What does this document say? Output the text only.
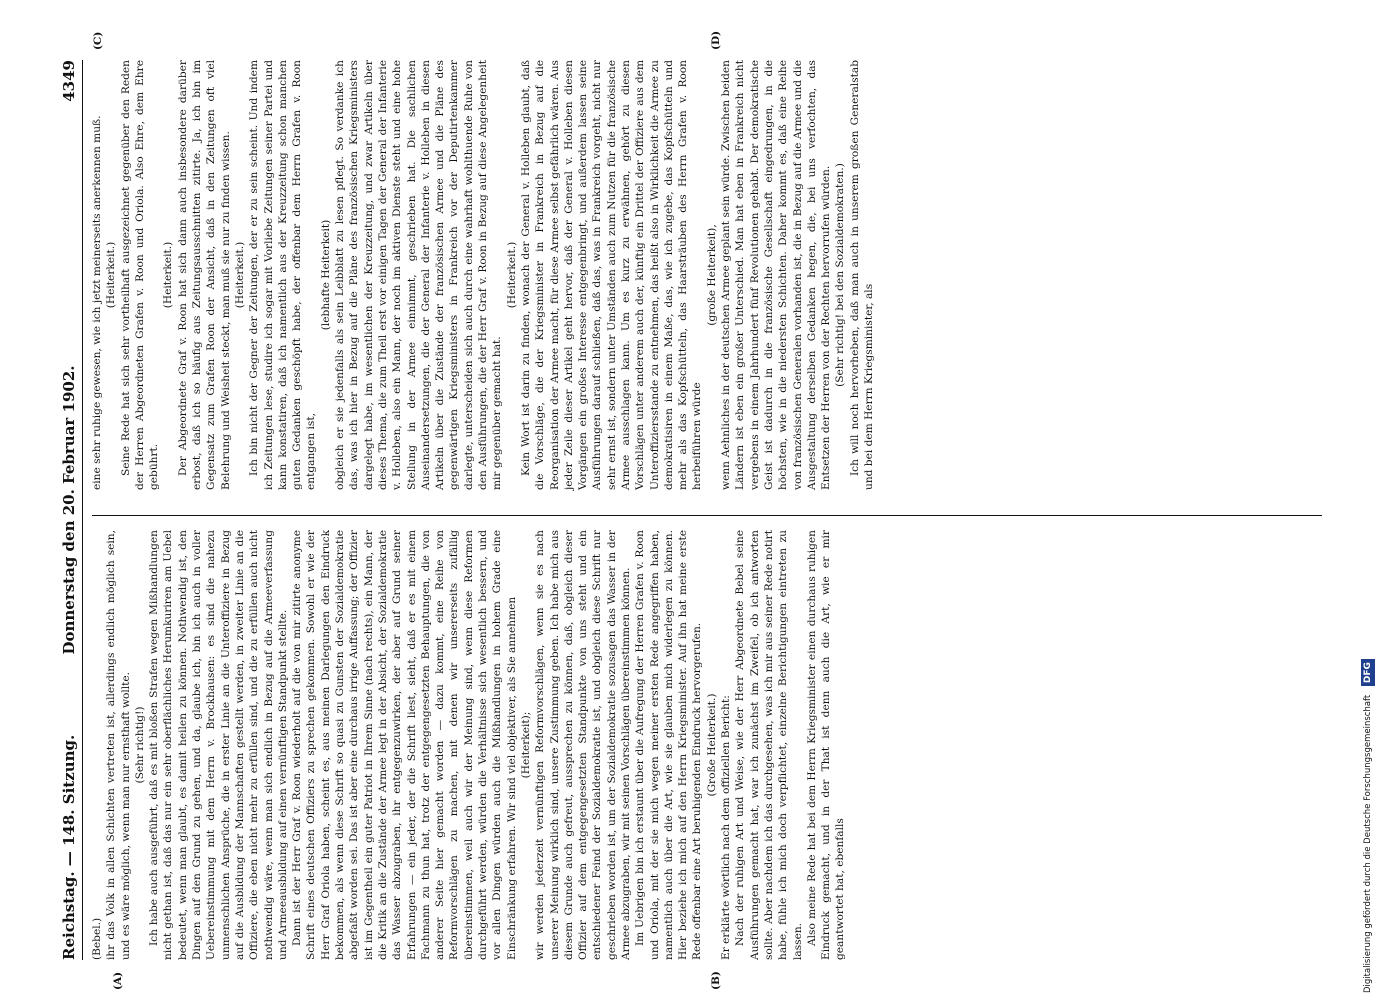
Reichstag. — 148. Sitzung.
Donnerstag den 20. Februar 1902.
4349
(A)	(B)
(C)	(D)

(Bebel.) ihr das Volk in allen Schichten vertreten ist, allerdings endlich möglich sein, und es wäre möglich, wenn man nur ernsthaft wollte. (Sehr richtig!) Ich habe auch ausgeführt, daß es mit bloßen Strafen wegen Mißhandlungen nicht gethan ist, daß das nur ein sehr oberflächliches Herumkuriren am Uebel bedeutet, wenn man glaubt, es damit heilen zu können. Nothwendig ist, den Dingen auf den Grund zu gehen, und da, glaube ich, bin ich auch in voller Uebereinstimmung mit dem Herrn v. Brockhausen: es sind die nahezu unmenschlichen Ansprüche, die in erster Linie an die Unteroffiziere in Bezug auf die Ausbildung der Mannschaften gestellt werden, in zweiter Linie an die Offiziere, die eben nicht mehr zu erfüllen sind, und die zu erfüllen auch nicht nothwendig wäre, wenn man sich endlich in Bezug auf die Armeeverfassung und Armeeausbildung auf einen vernünftigen Standpunkt stellte. Dann ist der Herr Graf v. Roon wiederholt auf die von mir zitirte anonyme Schrift eines deutschen Offiziers zu sprechen gekommen. Sowohl er wie der Herr Graf Oriola haben, scheint es, aus meinen Darlegungen den Eindruck bekommen, als wenn diese Schrift so quasi zu Gunsten der Sozialdemokratie abgefaßt worden sei. Das ist aber eine durchaus irrige Auffassung; der Offizier ist im Gegentheil ein guter Patriot in Ihrem Sinne (nach rechts), ein Mann, der die Kritik an die Zustände der Armee legt in der Absicht, der Sozialdemokratie das Wasser abzugraben, ihr entgegenzuwirken, der aber auf Grund seiner Erfahrungen — ein jeder, der die Schrift liest, sieht, daß er es mit einem Fachmann zu thun hat, trotz der entgegengesetzten Behauptungen, die von anderer Seite hier gemacht worden — dazu kommt, eine Reihe von Reformvorschlägen zu machen, mit denen wir unsererseits zufällig übereinstimmen, weil auch wir der Meinung sind, wenn diese Reformen durchgeführt werden, würden die Verhältnisse sich wesentlich bessern, und vor allen Dingen würden auch die Mißhandlungen in hohem Grade eine Einschränkung erfahren. Wir sind viel objektiver, als Sie annehmen (Heiterkeit); wir werden jederzeit vernünftigen Reformvorschlägen, wenn sie es nach unserer Meinung wirklich sind, unsere Zustimmung geben. Ich habe mich aus diesem Grunde auch gefreut, aussprechen zu können, daß, obgleich dieser Offizier auf dem entgegengesetzten Standpunkte von uns steht und ein entschiedener Feind der Sozialdemokratie ist, und obgleich diese Schrift nur geschrieben worden ist, um der Sozialdemokratie sozusagen das Wasser in der Armee abzugraben, wir mit seinen Vorschlägen übereinstimmen können. Im Uebrigen bin ich erstaunt über die Aufregung der Herren Grafen v. Roon und Oriola, mit der sie mich wegen meiner ersten Rede angegriffen haben, namentlich auch über die Art, wie sie glauben mich widerlegen zu können. Hier beziehe ich mich auf den Herrn Kriegsminister. Auf ihn hat meine erste Rede offenbar eine Art beruhigenden Eindruck hervorgerufen. (Große Heiterkeit.) Er erklärte wörtlich nach dem offiziellen Bericht: Nach der ruhigen Art und Weise, wie der Herr Abgeordnete Bebel seine Ausführungen gemacht hat, war ich zunächst im Zweifel, ob ich antworten sollte. Aber nachdem ich das durchgesehen, was ich mir aus seiner Rede notirt habe, fühle ich mich doch verpflichtet, einzelne Berichtigungen eintreten zu lassen. Also meine Rede hat bei dem Herrn Kriegsminister einen durchaus ruhigen Eindruck gemacht, und in der That ist denn auch die Art, wie er mir geantwortet hat, ebenfalls

eine sehr ruhige gewesen, wie ich jetzt meinerseits anerkennen muß. (Heiterkeit.) Seine Rede hat sich sehr vortheilhaft ausgezeichnet gegenüber den Reden der Herren Abgeordneten Grafen v. Roon und Oriola. Also Ehre, dem Ehre gebührt.

(Heiterkeit.) Der Abgeordnete Graf v. Roon hat sich dann auch insbesondere darüber erbost, daß ich so häufig aus Zeitungsausschnitten zitirte. Ja, ich bin im Gegensatz zum Grafen Roon der Ansicht, daß in den Zeitungen oft viel Belehrung und Weisheit steckt, man muß sie nur zu finden wissen. (Heiterkeit.) Ich bin nicht der Gegner der Zeitungen, der er zu sein scheint. Und indem ich Zeitungen lese, studire ich sogar mit Vorliebe Zeitungen seiner Partei und kann konstatiren, daß ich namentlich aus der Kreuzzeitung schon manchen guten Gedanken geschöpft habe, der offenbar dem Herrn Grafen v. Roon entgangen ist,

(lebhafte Heiterkeit) obgleich er sie jedenfalls als sein Leibblatt zu lesen pflegt. So verdanke ich das, was ich hier in Bezug auf die Pläne des französischen Kriegsministers dargelegt habe, im wesentlichen der Kreuzzeitung, und zwar Artikeln über dieses Thema, die zum Theil erst vor einigen Tagen der General der Infanterie v. Holleben, also ein Mann, der noch im aktiven Dienste steht und eine hohe Stellung in der Armee einnimmt, geschrieben hat. Die sachlichen Auseinandersetzungen, die der General der Infanterie v. Holleben in diesen Artikeln über die Zustände der französischen Armee und die Pläne des gegenwärtigen Kriegsministers in Frankreich vor der Deputirtenkammer darlegte, unterscheiden sich auch durch eine wahrhaft wohlthuende Ruhe von den Ausführungen, die der Herr Graf v. Roon in Bezug auf diese Angelegenheit mir gegenüber gemacht hat.

(Heiterkeit.) Kein Wort ist darin zu finden, wonach der General v. Holleben glaubt, daß die Vorschläge, die der Kriegsminister in Frankreich in Bezug auf die Reorganisation der Armee macht, für diese Armee selbst gefährlich wären. Aus jeder Zeile dieser Artikel geht hervor, daß der General v. Holleben diesen Vorgängen ein großes Interesse entgegenbringt, und außerdem lassen seine Ausführungen darauf schließen, daß das, was in Frankreich vorgeht, nicht nur sehr ernst ist, sondern unter Umständen auch zum Nutzen für die französische Armee ausschlagen kann. Um es kurz zu erwähnen, gehört zu diesen Vorschlägen unter anderem auch der, künftig ein Drittel der Offiziere aus dem Unteroffiziersstande zu entnehmen, das heißt also in Wirklichkeit die Armee zu demokratisiren in einem Maße, das, wie ich zugebe, das Kopfschütteln und mehr als das Kopfschütteln, das Haarsträuben des Herrn Grafen v. Roon herbeiführen würde

(große Heiterkeit), wenn Aehnliches in der deutschen Armee geplant sein würde. Zwischen beiden Ländern ist eben ein großer Unterschied. Man hat eben in Frankreich nicht vergebens in einem Jahrhundert fünf Revolutionen gehabt. Der demokratische Geist ist dadurch in die französische Gesellschaft eingedrungen, in die höchsten, wie in die niedersten Schichten. Daher kommt es, daß eine Reihe von französischen Generalen vorhanden ist, die in Bezug auf die Armee und die Ausgestaltung derselben Gedanken hegen, die, bei uns verfochten, das Entsetzen der Herren von der Rechten hervorrufen würden. (Sehr richtig! bei den Sozialdemokraten.) Ich will noch hervorheben, daß man auch in unserem großen Generalstab und bei dem Herrn Kriegsminister, als

Digitalisierung gefördert durch die Deutsche Forschungsgemeinschaft DFG
